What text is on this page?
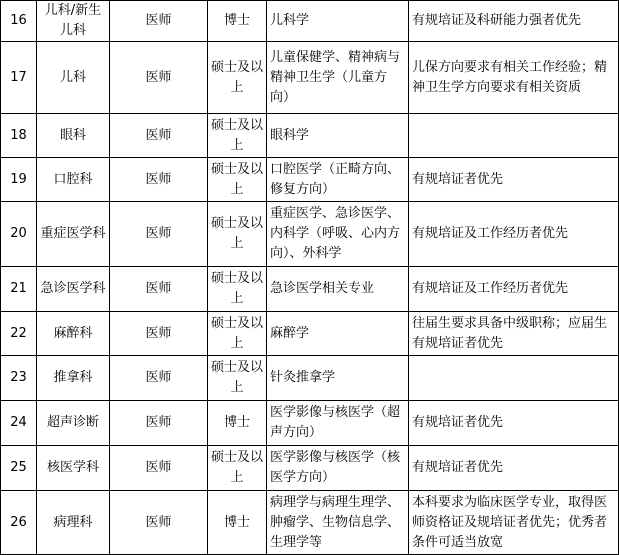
16	儿科/新生儿科	医师	博士	儿科学	有规培证及科研能力强者优先
17	儿科	医师	硕士及以上	儿童保健学、精神病与精神卫生学（儿童方向）	儿保方向要求有相关工作经验；精神卫生学方向要求有相关资质
18	眼科	医师	硕士及以上	眼科学	
19	口腔科	医师	硕士及以上	口腔医学（正畸方向、修复方向）	有规培证者优先
20	重症医学科	医师	硕士及以上	重症医学、急诊医学、内科学（呼吸、心内方向）、外科学	有规培证及工作经历者优先
21	急诊医学科	医师	硕士及以上	急诊医学相关专业	有规培证及工作经历者优先
22	麻醉科	医师	硕士及以上	麻醉学	往届生要求具备中级职称；应届生有规培证者优先
23	推拿科	医师	硕士及以上	针灸推拿学	
24	超声诊断	医师	博士	医学影像与核医学（超声方向）	有规培证者优先
25	核医学科	医师	硕士及以上	医学影像与核医学（核医学方向）	有规培证者优先
26	病理科	医师	博士	病理学与病理生理学、肿瘤学、生物信息学、生理学等	本科要求为临床医学专业，取得医师资格证及规培证者优先；优秀者条件可适当放宽
